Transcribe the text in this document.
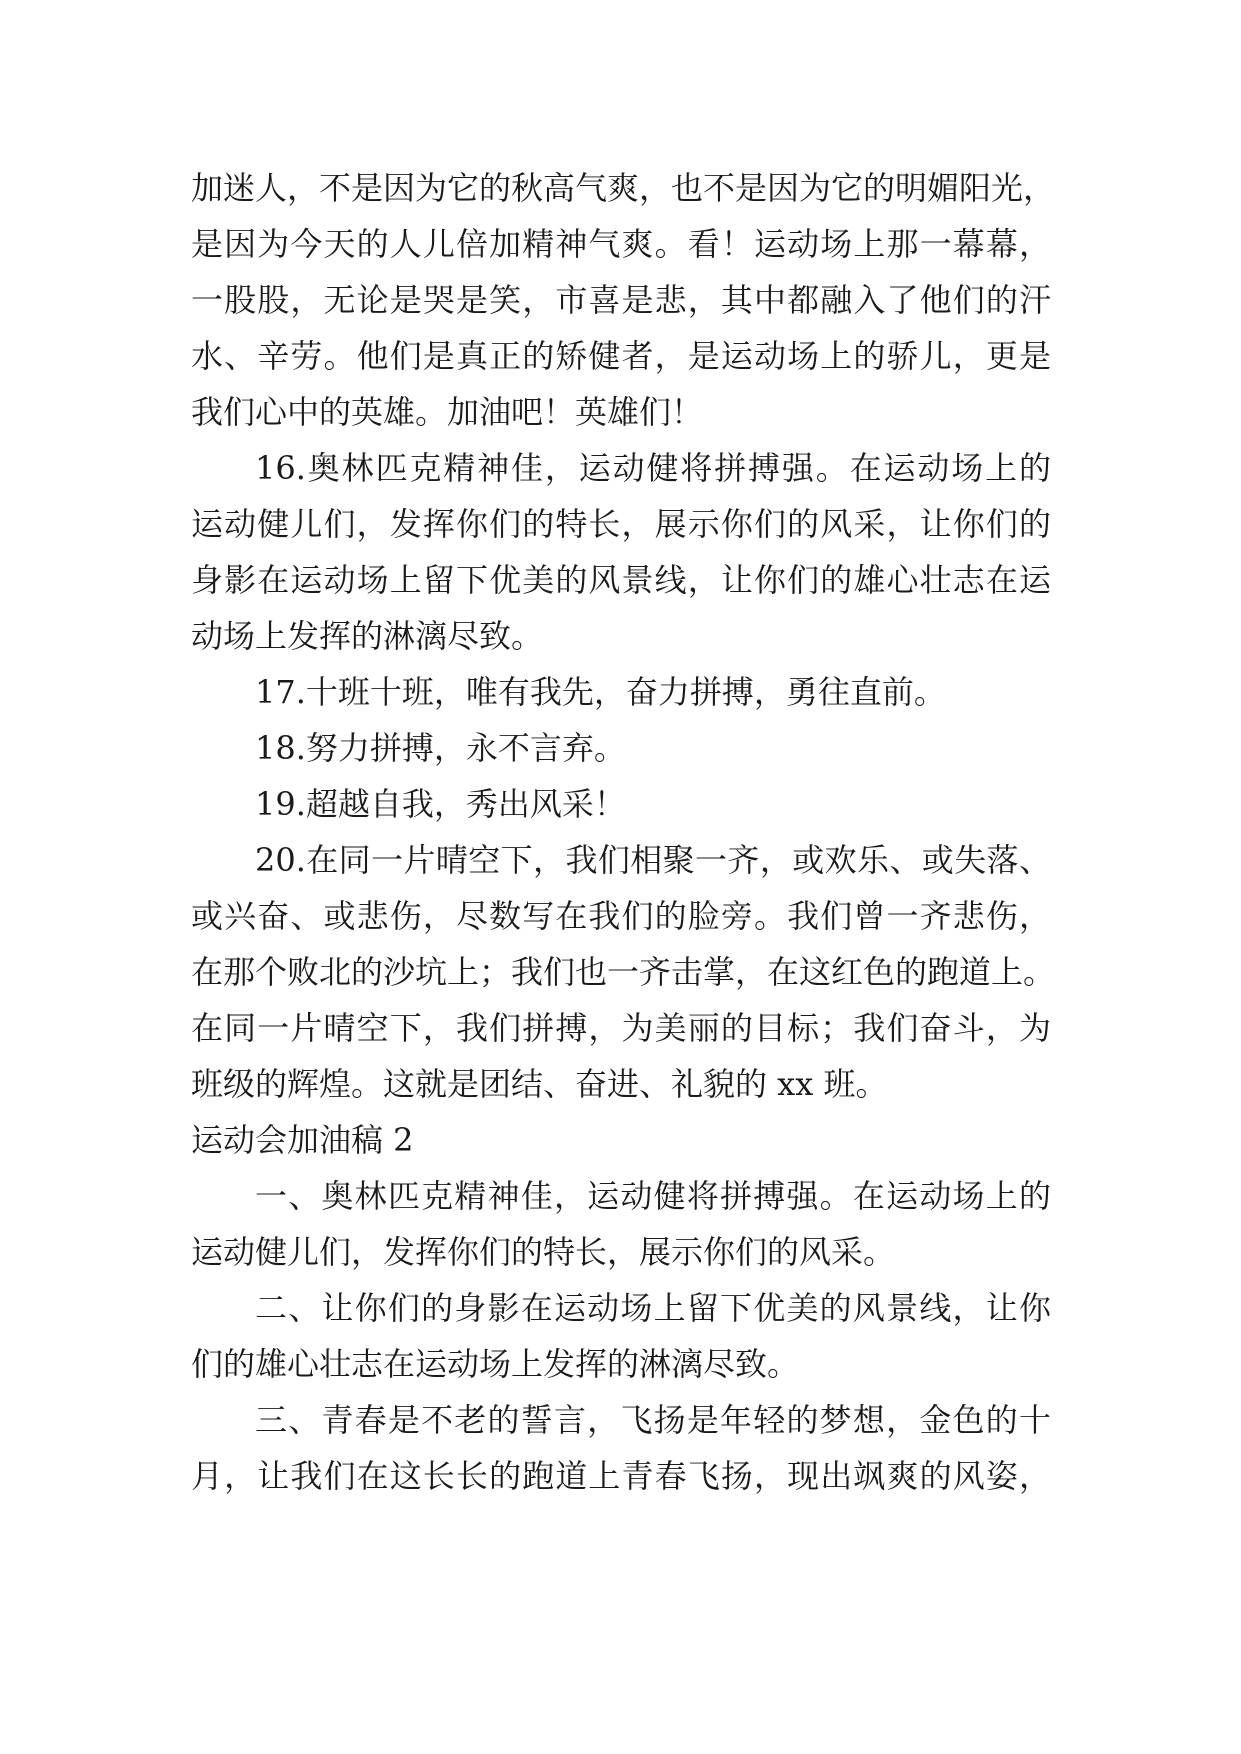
加迷人，不是因为它的秋高气爽，也不是因为它的明媚阳光，
是因为今天的人儿倍加精神气爽。看！运动场上那一幕幕，
一股股，无论是哭是笑，市喜是悲，其中都融入了他们的汗
水、辛劳。他们是真正的矫健者，是运动场上的骄儿，更是
我们心中的英雄。加油吧！英雄们！
16.奥林匹克精神佳，运动健将拼搏强。在运动场上的
运动健儿们，发挥你们的特长，展示你们的风采，让你们的
身影在运动场上留下优美的风景线，让你们的雄心壮志在运
动场上发挥的淋漓尽致。
17.十班十班，唯有我先，奋力拼搏，勇往直前。
18.努力拼搏，永不言弃。
19.超越自我，秀出风采！
20.在同一片晴空下，我们相聚一齐，或欢乐、或失落、
或兴奋、或悲伤，尽数写在我们的脸旁。我们曾一齐悲伤，
在那个败北的沙坑上；我们也一齐击掌，在这红色的跑道上。
在同一片晴空下，我们拼搏，为美丽的目标；我们奋斗，为
班级的辉煌。这就是团结、奋进、礼貌的 xx 班。
运动会加油稿 2
一、奥林匹克精神佳，运动健将拼搏强。在运动场上的
运动健儿们，发挥你们的特长，展示你们的风采。
二、让你们的身影在运动场上留下优美的风景线，让你
们的雄心壮志在运动场上发挥的淋漓尽致。
三、青春是不老的誓言，飞扬是年轻的梦想，金色的十
月，让我们在这长长的跑道上青春飞扬，现出飒爽的风姿，
